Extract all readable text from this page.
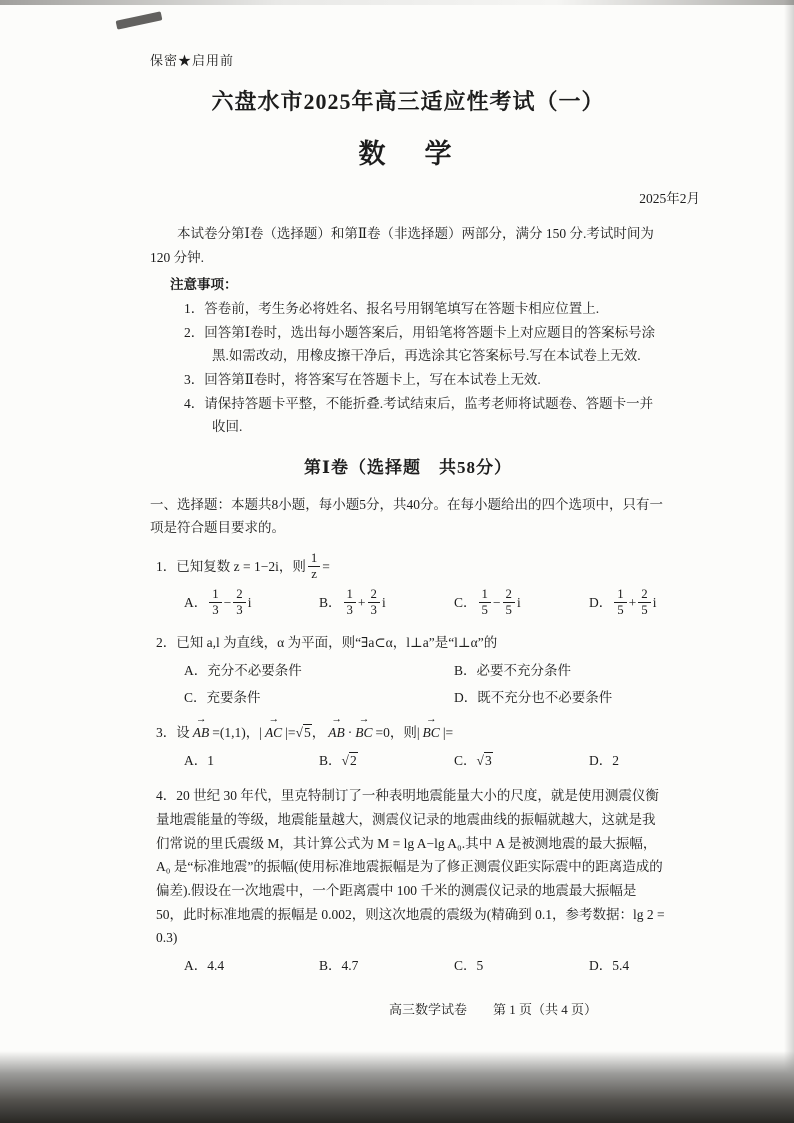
保密★启用前
六盘水市2025年高三适应性考试（一）
数　学
2025年2月

本试卷分第Ⅰ卷（选择题）和第Ⅱ卷（非选择题）两部分，满分 150 分.考试时间为 120 分钟.

注意事项：
1．答卷前，考生务必将姓名、报名号用钢笔填写在答题卡相应位置上.
2．回答第Ⅰ卷时，选出每小题答案后，用铅笔将答题卡上对应题目的答案标号涂黑.如需改动，用橡皮擦干净后，再选涂其它答案标号.写在本试卷上无效.
3．回答第Ⅱ卷时，将答案写在答题卡上，写在本试卷上无效.
4．请保持答题卡平整，不能折叠.考试结束后，监考老师将试题卷、答题卡一并收回.
第Ⅰ卷（选择题　共58分）

一、选择题：本题共8小题，每小题5分，共40分。在每小题给出的四个选项中，只有一项是符合题目要求的。

1．已知复数 z = 1−2i，则 $\frac{1}{z}$ =
A． $\frac{1}{3} - \frac{2}{3}$ i	B． $\frac{1}{3} + \frac{2}{3}$ i	C． $\frac{1}{5} - \frac{2}{5}$ i	D． $\frac{1}{5} + \frac{2}{5}$ i
2．已知 a,l 为直线，α 为平面，则“∃a⊂α，l⊥a”是“l⊥α”的
A．充分不必要条件	B．必要不充分条件
C．充要条件	D．既不充分也不必要条件
3．设 → AB =(1,1)，| → AC |=√5， → AB · → BC =0，则| → BC |=
A．1	B．√2	C．√3	D．2
4．20 世纪 30 年代，里克特制订了一种表明地震能量大小的尺度，就是使用测震仪衡量地震能量的等级，地震能量越大，测震仪记录的地震曲线的振幅就越大，这就是我们常说的里氏震级 M，其计算公式为 M = lg A−lg A₀.其中 A 是被测地震的最大振幅，A₀ 是“标准地震”的振幅(使用标准地震振幅是为了修正测震仪距实际震中的距离造成的偏差).假设在一次地震中，一个距离震中 100 千米的测震仪记录的地震最大振幅是 50，此时标准地震的振幅是 0.002，则这次地震的震级为(精确到 0.1，参考数据：lg 2 = 0.3)
A．4.4	B．4.7	C．5	D．5.4
高三数学试卷　　第 1 页（共 4 页）
